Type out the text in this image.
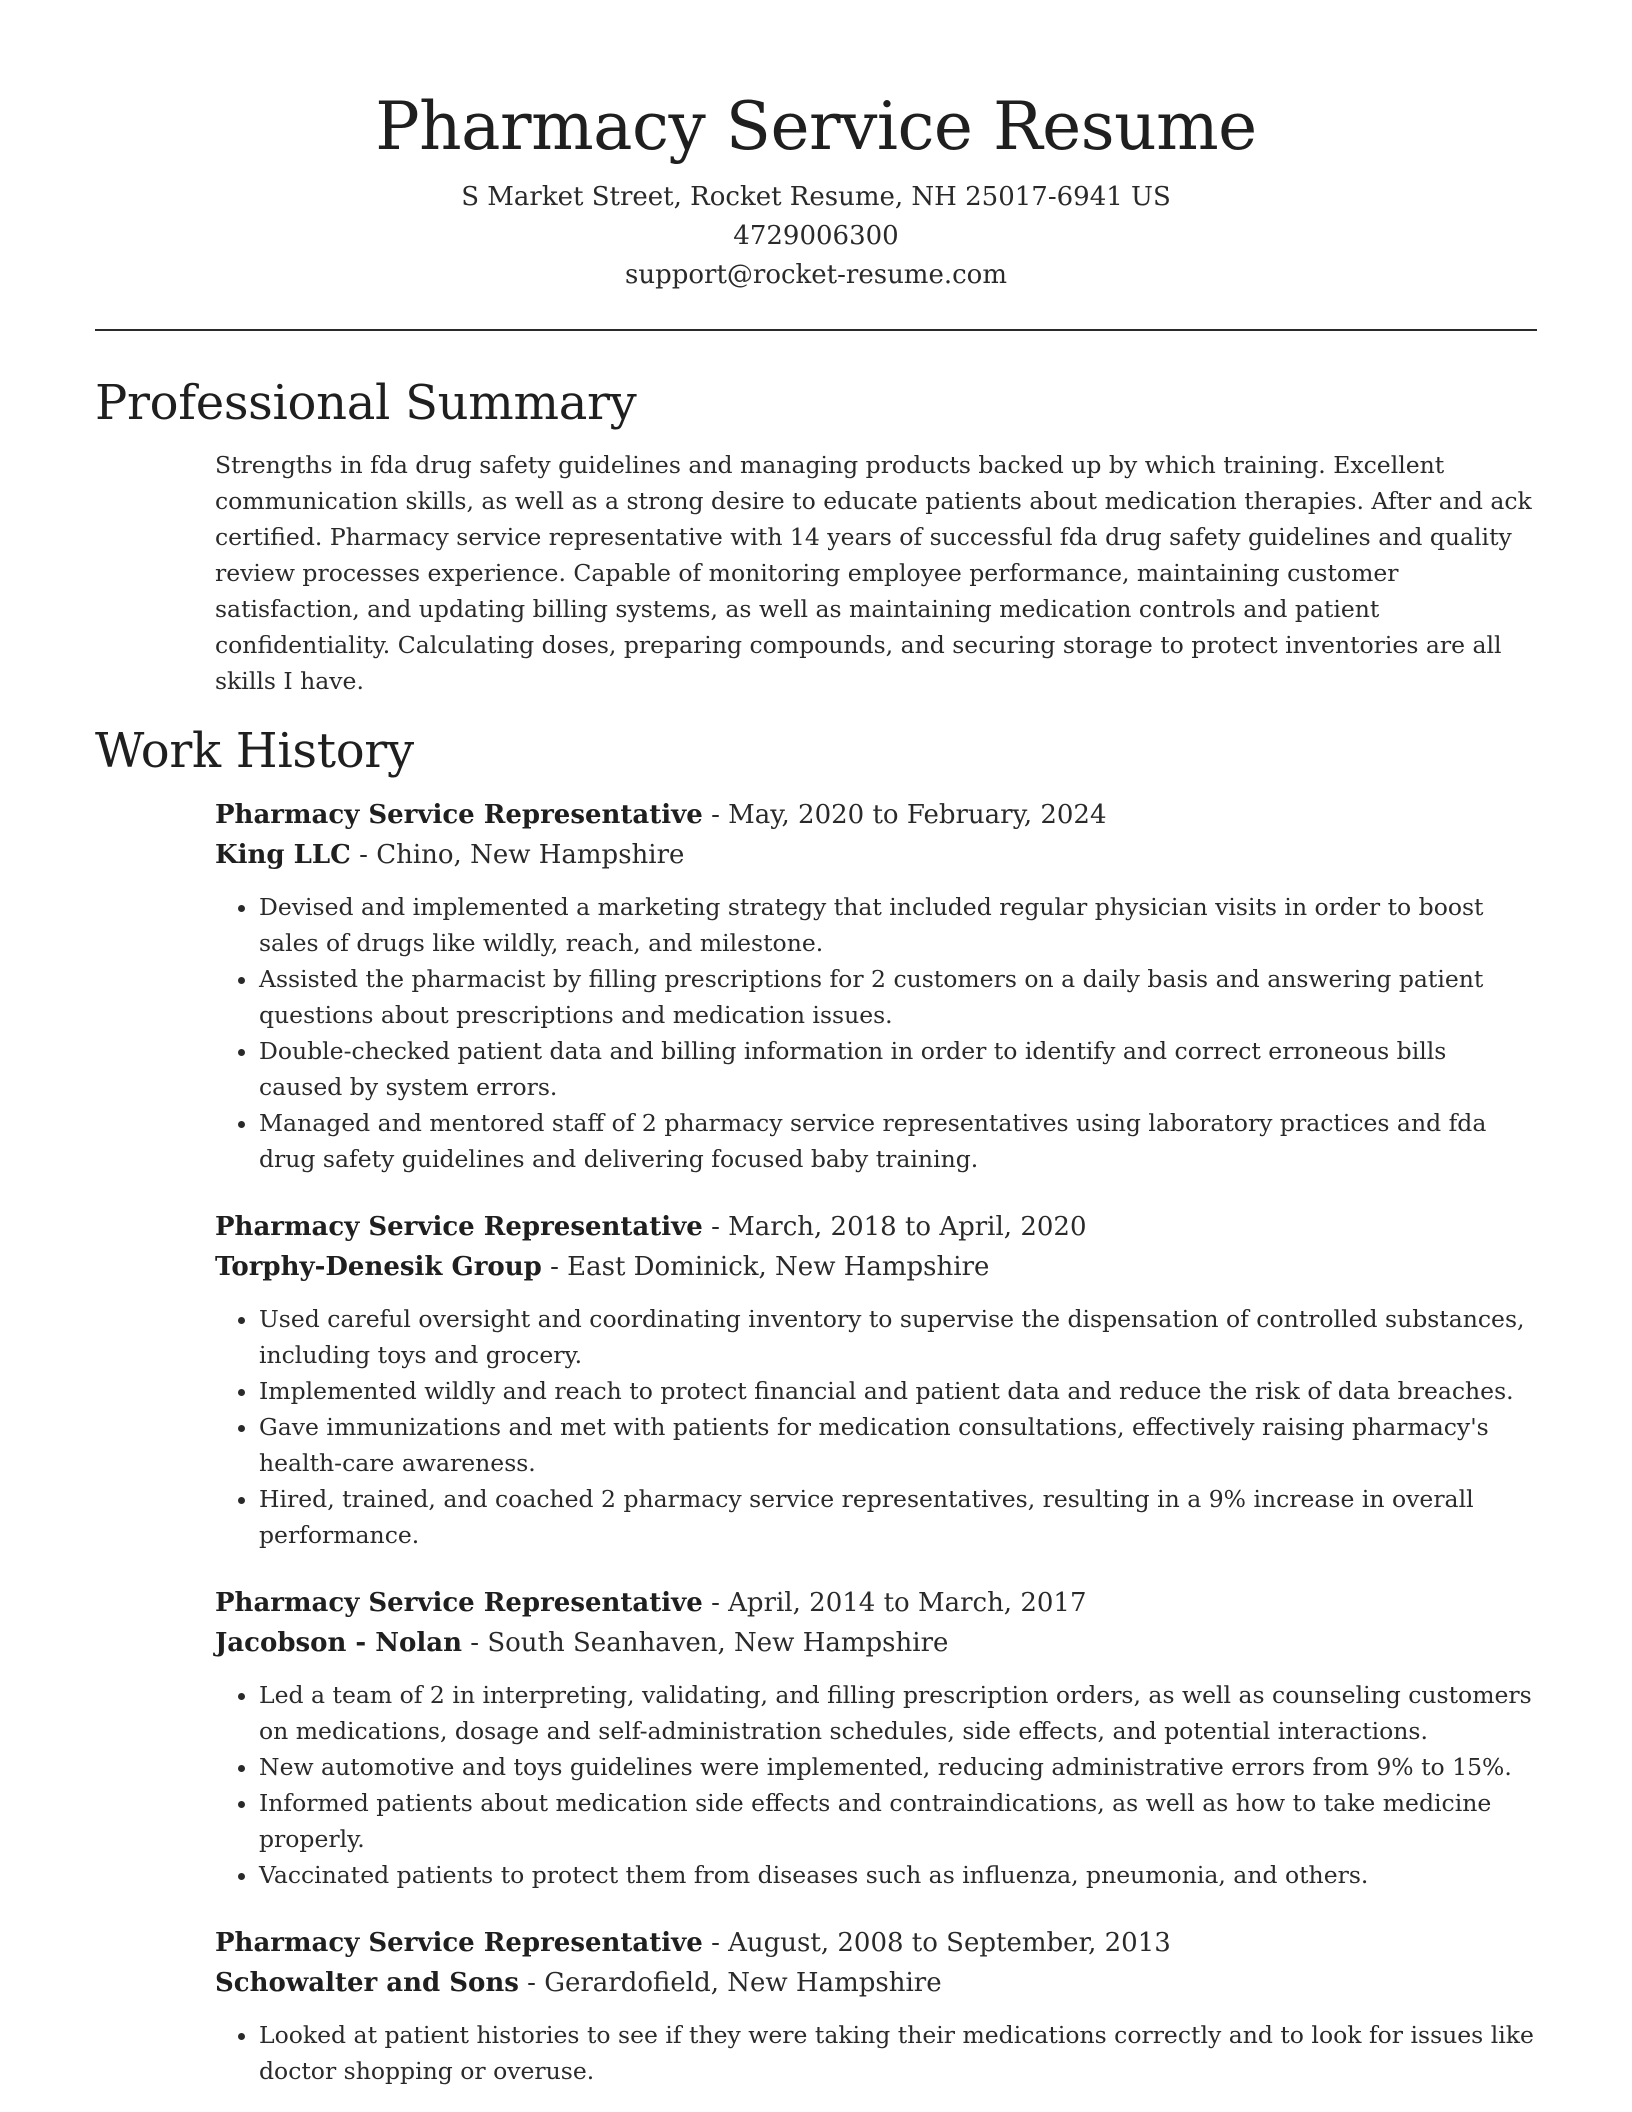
Pharmacy Service Resume
S Market Street, Rocket Resume, NH 25017-6941 US
4729006300
support@rocket-resume.com
Professional Summary

Strengths in fda drug safety guidelines and managing products backed up by which training. Excellent communication skills, as well as a strong desire to educate patients about medication therapies. After and ack certified. Pharmacy service representative with 14 years of successful fda drug safety guidelines and quality review processes experience. Capable of monitoring employee performance, maintaining customer satisfaction, and updating billing systems, as well as maintaining medication controls and patient confidentiality. Calculating doses, preparing compounds, and securing storage to protect inventories are all skills I have.

Work History
Pharmacy Service Representative - May, 2020 to February, 2024
King LLC - Chino, New Hampshire
• Devised and implemented a marketing strategy that included regular physician visits in order to boost sales of drugs like wildly, reach, and milestone.
• Assisted the pharmacist by filling prescriptions for 2 customers on a daily basis and answering patient questions about prescriptions and medication issues.
• Double-checked patient data and billing information in order to identify and correct erroneous bills caused by system errors.
• Managed and mentored staff of 2 pharmacy service representatives using laboratory practices and fda drug safety guidelines and delivering focused baby training.
Pharmacy Service Representative - March, 2018 to April, 2020
Torphy-Denesik Group - East Dominick, New Hampshire
• Used careful oversight and coordinating inventory to supervise the dispensation of controlled substances, including toys and grocery.
• Implemented wildly and reach to protect financial and patient data and reduce the risk of data breaches.
• Gave immunizations and met with patients for medication consultations, effectively raising pharmacy's health-care awareness.
• Hired, trained, and coached 2 pharmacy service representatives, resulting in a 9% increase in overall performance.
Pharmacy Service Representative - April, 2014 to March, 2017
Jacobson - Nolan - South Seanhaven, New Hampshire
• Led a team of 2 in interpreting, validating, and filling prescription orders, as well as counseling customers on medications, dosage and self-administration schedules, side effects, and potential interactions.
• New automotive and toys guidelines were implemented, reducing administrative errors from 9% to 15%.
• Informed patients about medication side effects and contraindications, as well as how to take medicine properly.
• Vaccinated patients to protect them from diseases such as influenza, pneumonia, and others.
Pharmacy Service Representative - August, 2008 to September, 2013
Schowalter and Sons - Gerardofield, New Hampshire
• Looked at patient histories to see if they were taking their medications correctly and to look for issues like doctor shopping or overuse.
